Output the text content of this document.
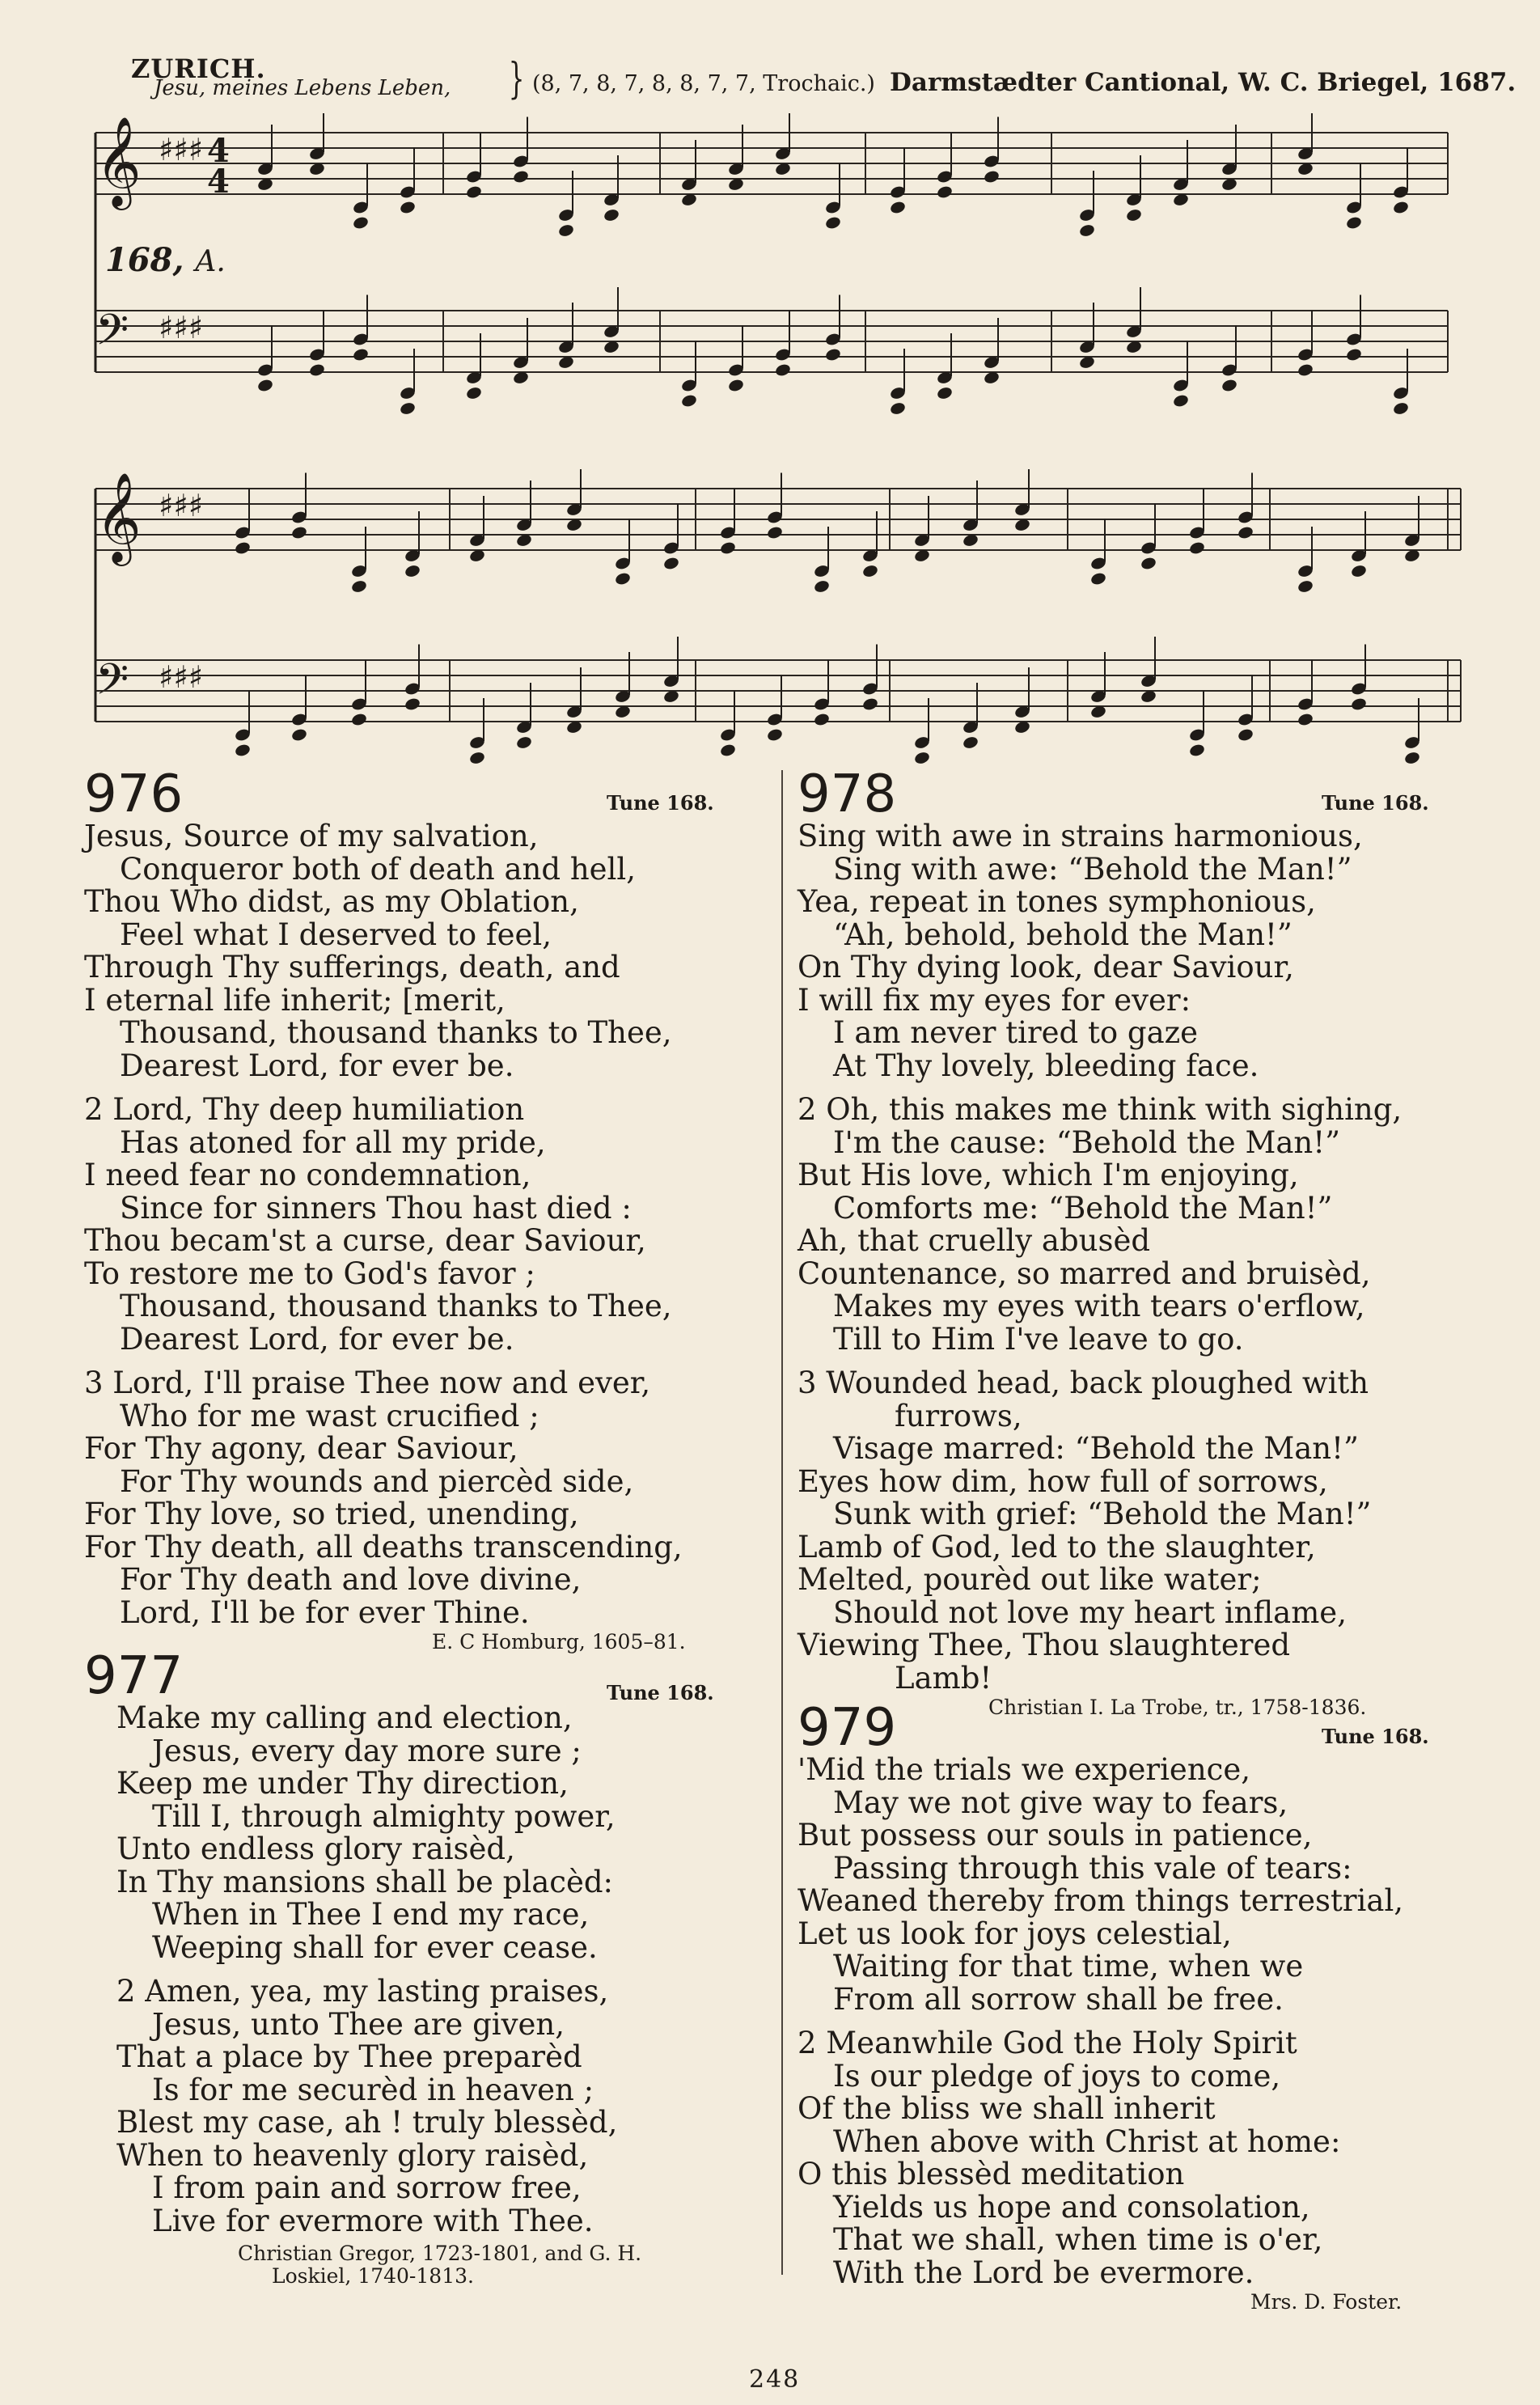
ZURICH.
Jesu, meines Lebens Leben, } (8, 7, 8, 7, 8, 8, 7, 7, Trochaic.) Darmstædter Cantional, W. C. Briegel, 1687.
168, A.
𝄞 ♯♯♯
𝄢 ♯♯♯
4
4
𝄞 ♯♯♯
𝄢 ♯♯♯
976	Tune 168.
Jesus, Source of my salvation,
Conqueror both of death and hell,
Thou Who didst, as my Oblation,
Feel what I deserved to feel,
Through Thy sufferings, death, and
I eternal life inherit; [merit,
Thousand, thousand thanks to Thee,
Dearest Lord, for ever be.
2 Lord, Thy deep humiliation
Has atoned for all my pride,
I need fear no condemnation,
Since for sinners Thou hast died :
Thou becam'st a curse, dear Saviour,
To restore me to God's favor ;
Thousand, thousand thanks to Thee,
Dearest Lord, for ever be.
3 Lord, I'll praise Thee now and ever,
Who for me wast crucified ;
For Thy agony, dear Saviour,
For Thy wounds and piercèd side,
For Thy love, so tried, unending,
For Thy death, all deaths transcending,
For Thy death and love divine,
Lord, I'll be for ever Thine.
E. C Homburg, 1605–81.
977	Tune 168.
Make my calling and election,
Jesus, every day more sure ;
Keep me under Thy direction,
Till I, through almighty power,
Unto endless glory raisèd,
In Thy mansions shall be placèd:
When in Thee I end my race,
Weeping shall for ever cease.
2 Amen, yea, my lasting praises,
Jesus, unto Thee are given,
That a place by Thee preparèd
Is for me securèd in heaven ;
Blest my case, ah ! truly blessèd,
When to heavenly glory raisèd,
I from pain and sorrow free,
Live for evermore with Thee.
Christian Gregor, 1723-1801, and G. H.
Loskiel, 1740-1813.
978	Tune 168.
Sing with awe in strains harmonious,
Sing with awe: “Behold the Man!”
Yea, repeat in tones symphonious,
“Ah, behold, behold the Man!”
On Thy dying look, dear Saviour,
I will fix my eyes for ever:
I am never tired to gaze
At Thy lovely, bleeding face.
2 Oh, this makes me think with sighing,
I'm the cause: “Behold the Man!”
But His love, which I'm enjoying,
Comforts me: “Behold the Man!”
Ah, that cruelly abusèd
Countenance, so marred and bruisèd,
Makes my eyes with tears o'erflow,
Till to Him I've leave to go.
3 Wounded head, back ploughed with
furrows,
Visage marred: “Behold the Man!”
Eyes how dim, how full of sorrows,
Sunk with grief: “Behold the Man!”
Lamb of God, led to the slaughter,
Melted, pourèd out like water;
Should not love my heart inflame,
Viewing Thee, Thou slaughtered
Lamb!
Christian I. La Trobe, tr., 1758-1836.
979	Tune 168.
'Mid the trials we experience,
May we not give way to fears,
But possess our souls in patience,
Passing through this vale of tears:
Weaned thereby from things terrestrial,
Let us look for joys celestial,
Waiting for that time, when we
From all sorrow shall be free.
2 Meanwhile God the Holy Spirit
Is our pledge of joys to come,
Of the bliss we shall inherit
When above with Christ at home:
O this blessèd meditation
Yields us hope and consolation,
That we shall, when time is o'er,
With the Lord be evermore.
Mrs. D. Foster.
248
